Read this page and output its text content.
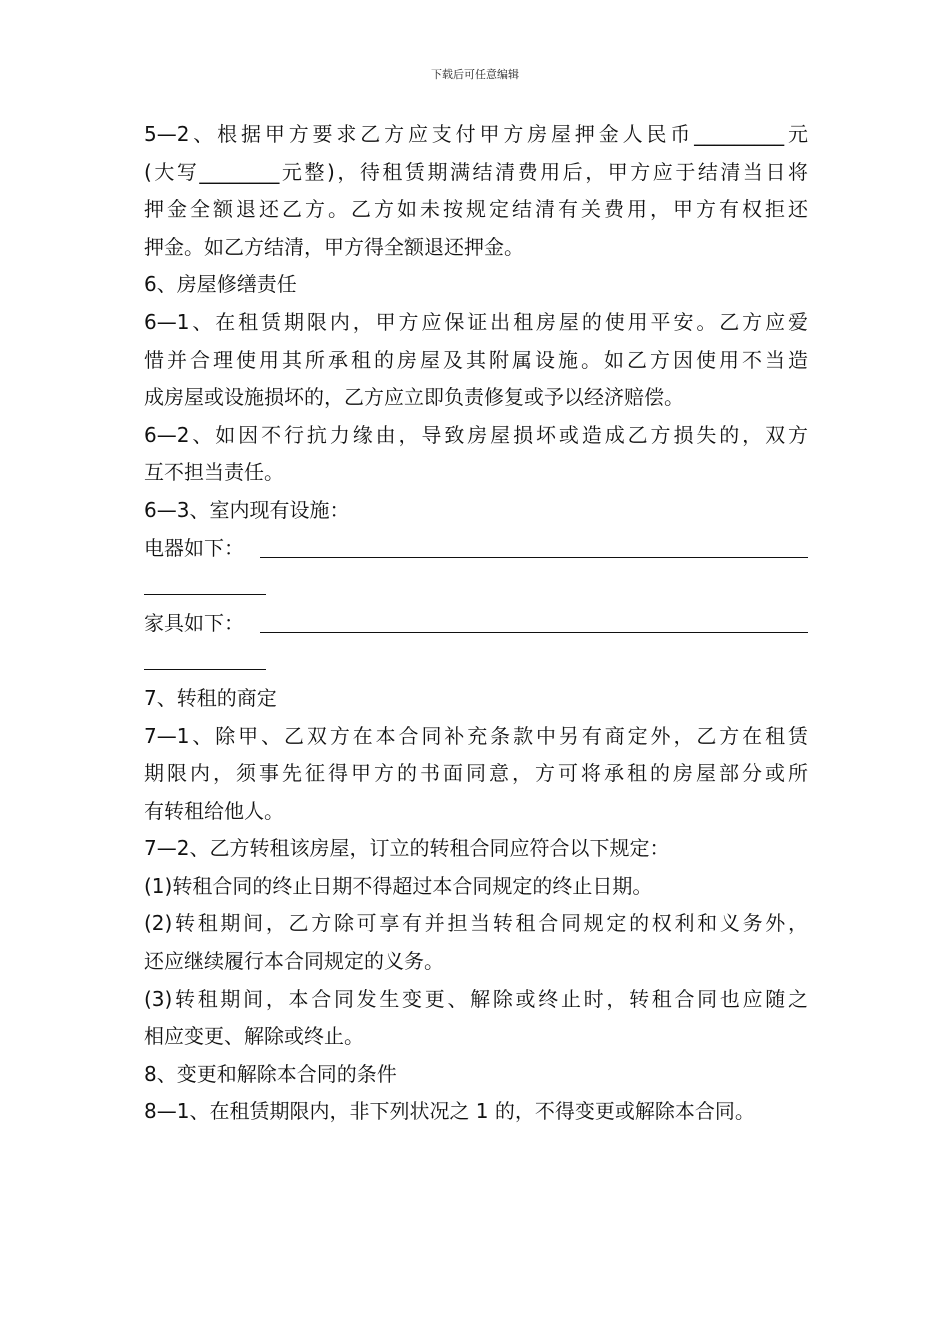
下载后可任意编辑
5—2、根据甲方要求乙方应支付甲方房屋押金人民币_________元
(大写________元整)，待租赁期满结清费用后，甲方应于结清当日将
押金全额退还乙方。乙方如未按规定结清有关费用，甲方有权拒还
押金。如乙方结清，甲方得全额退还押金。
6、房屋修缮责任
6—1、在租赁期限内，甲方应保证出租房屋的使用平安。乙方应爱
惜并合理使用其所承租的房屋及其附属设施。如乙方因使用不当造
成房屋或设施损坏的，乙方应立即负责修复或予以经济赔偿。
6—2、如因不行抗力缘由，导致房屋损坏或造成乙方损失的，双方
互不担当责任。
6—3、室内现有设施：
电器如下：
家具如下：
7、转租的商定
7—1、除甲、乙双方在本合同补充条款中另有商定外，乙方在租赁
期限内，须事先征得甲方的书面同意，方可将承租的房屋部分或所
有转租给他人。
7—2、乙方转租该房屋，订立的转租合同应符合以下规定：
(1)转租合同的终止日期不得超过本合同规定的终止日期。
(2)转租期间，乙方除可享有并担当转租合同规定的权利和义务外，
还应继续履行本合同规定的义务。
(3)转租期间，本合同发生变更、解除或终止时，转租合同也应随之
相应变更、解除或终止。
8、变更和解除本合同的条件
8—1、在租赁期限内，非下列状况之 1 的，不得变更或解除本合同。
